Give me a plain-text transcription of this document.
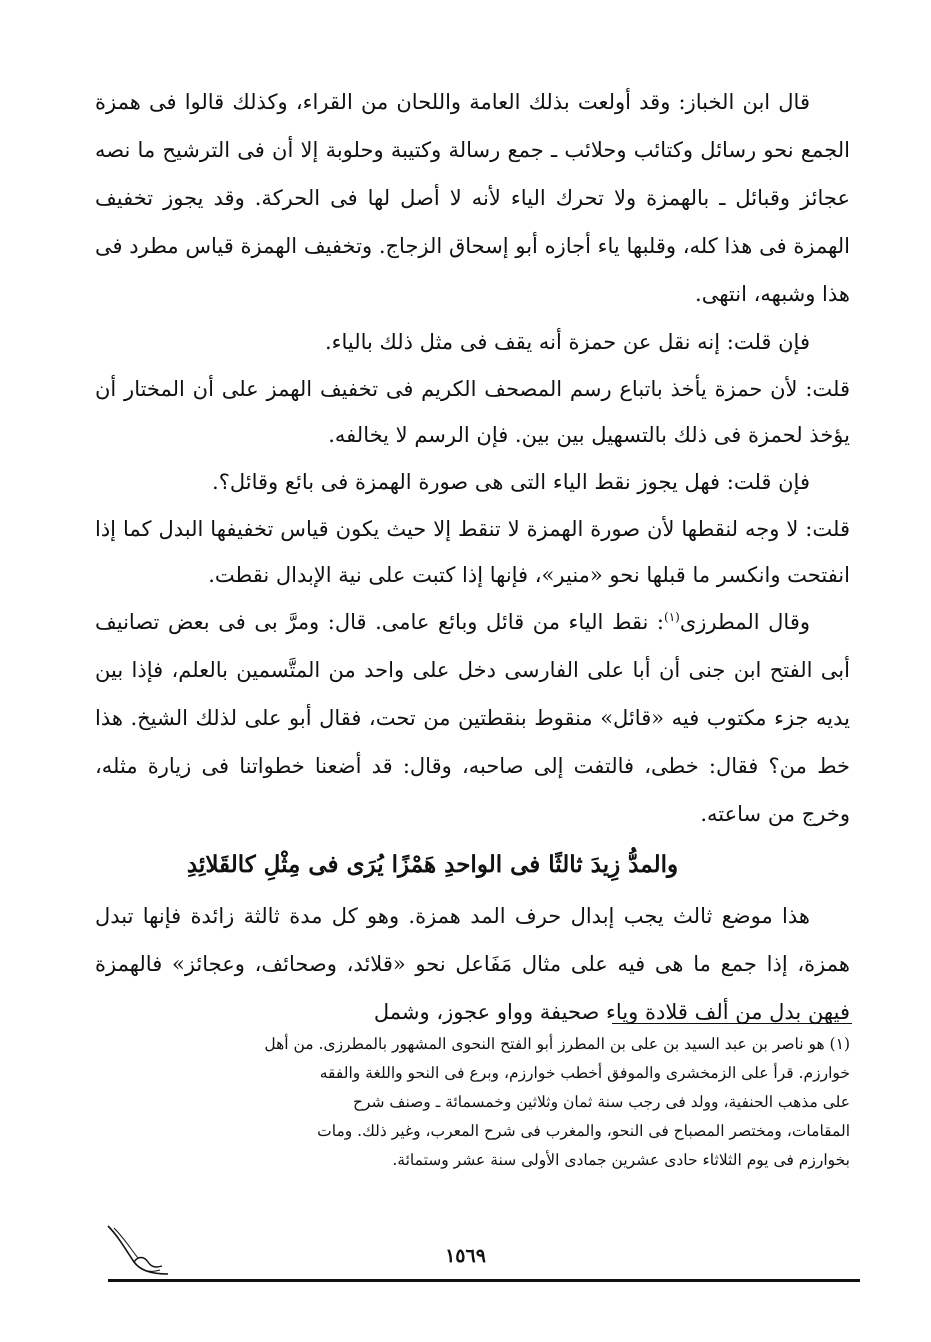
قال ابن الخباز: وقد أولعت بذلك العامة واللحان من القراء، وكذلك قالوا فى همزة الجمع نحو رسائل وكتائب وحلائب ـ جمع رسالة وكتيبة وحلوبة إلا أن فى الترشيح ما نصه عجائز وقبائل ـ بالهمزة ولا تحرك الياء لأنه لا أصل لها فى الحركة. وقد يجوز تخفيف الهمزة فى هذا كله، وقلبها ياء أجازه أبو إسحاق الزجاج. وتخفيف الهمزة قياس مطرد فى هذا وشبهه، انتهى.

فإن قلت: إنه نقل عن حمزة أنه يقف فى مثل ذلك بالياء.

قلت: لأن حمزة يأخذ باتباع رسم المصحف الكريم فى تخفيف الهمز على أن المختار أن يؤخذ لحمزة فى ذلك بالتسهيل بين بين. فإن الرسم لا يخالفه.

فإن قلت: فهل يجوز نقط الياء التى هى صورة الهمزة فى بائع وقائل؟.

قلت: لا وجه لنقطها لأن صورة الهمزة لا تنقط إلا حيث يكون قياس تخفيفها البدل كما إذا انفتحت وانكسر ما قبلها نحو «منير»، فإنها إذا كتبت على نية الإبدال نقطت.

وقال المطرزى$^{(١)}$: نقط الياء من قائل وبائع عامى. قال: ومرَّ بى فى بعض تصانيف أبى الفتح ابن جنى أن أبا على الفارسى دخل على واحد من المتَّسمين بالعلم، فإذا بين يديه جزء مكتوب فيه «قائل» منقوط بنقطتين من تحت، فقال أبو على لذلك الشيخ. هذا خط من؟ فقال: خطى، فالتفت إلى صاحبه، وقال: قد أضعنا خطواتنا فى زيارة مثله، وخرج من ساعته.

والمدُّ زِيدَ ثالثًا فى الواحدِ هَمْزًا يُرَى فى مِثْلِ كالقَلائِدِ

هذا موضع ثالث يجب إبدال حرف المد همزة. وهو كل مدة ثالثة زائدة فإنها تبدل همزة، إذا جمع ما هى فيه على مثال مَفَاعل نحو «قلائد، وصحائف، وعجائز» فالهمزة فيهن بدل من ألف قلادة وياء صحيفة وواو عجوز، وشمل

(١) هو ناصر بن عبد السيد بن على بن المطرز أبو الفتح النحوى المشهور بالمطرزى. من أهل

خوارزم. قرأ على الزمخشرى والموفق أخطب خوارزم، وبرع فى النحو واللغة والفقه

على مذهب الحنفية، وولد فى رجب سنة ثمان وثلاثين وخمسمائة ـ وصنف شرح

المقامات، ومختصر المصباح فى النحو، والمغرب فى شرح المعرب، وغير ذلك. ومات

بخوارزم فى يوم الثلاثاء حادى عشرين جمادى الأولى سنة عشر وستمائة.

١٥٦٩
